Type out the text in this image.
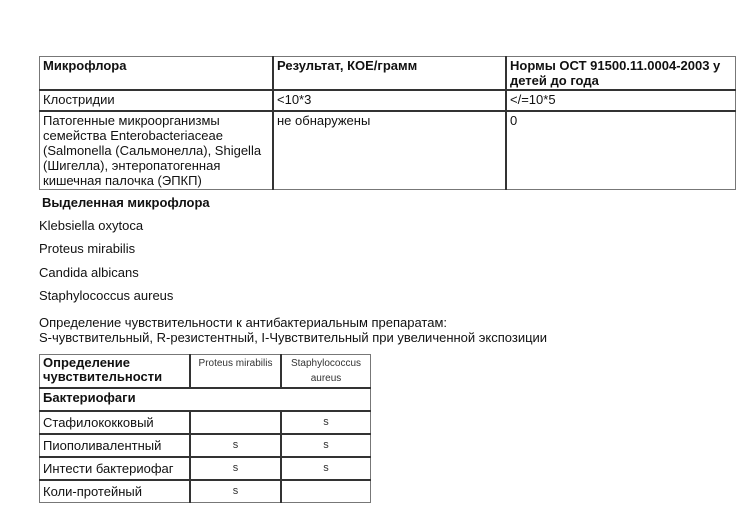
Микрофлора	Результат, КОЕ/грамм	Нормы ОСТ 91500.11.0004-2003 у детей до года
Клостридии	<10*3	</=10*5
Патогенные микроорганизмы семейства Enterobacteriaceae (Salmonella (Сальмонелла), Shigella (Шигелла), энтеропатогенная кишечная палочка (ЭПКП)	не обнаружены	0
Выделенная микрофлора
Klebsiella oxytoca
Proteus mirabilis
Candida albicans
Staphylococcus aureus
Определение чувствительности к антибактериальным препаратам:
S-чувствительный, R-резистентный, I-Чувствительный при увеличенной экспозиции
Определение чувствительности	Proteus mirabilis	Staphylococcus aureus
Бактериофаги		
Стафилококковый		s
Пиополивалентный	s	s
Интести бактериофаг	s	s
Коли-протейный	s	
